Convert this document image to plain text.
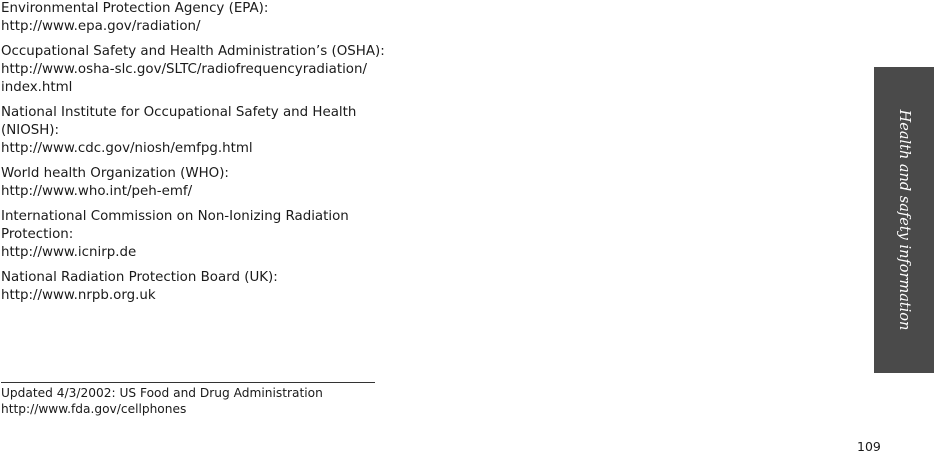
Environmental Protection Agency (EPA):

http://www.epa.gov/radiation/

Occupational Safety and Health Administration’s (OSHA):

http://www.osha-slc.gov/SLTC/radiofrequencyradiation/

index.html

National Institute for Occupational Safety and Health

(NIOSH):

http://www.cdc.gov/niosh/emfpg.html

World health Organization (WHO):

http://www.who.int/peh-emf/

International Commission on Non-Ionizing Radiation

Protection:

http://www.icnirp.de

National Radiation Protection Board (UK):

http://www.nrpb.org.uk

Updated 4/3/2002: US Food and Drug Administration

http://www.fda.gov/cellphones

Health and safety information
109
